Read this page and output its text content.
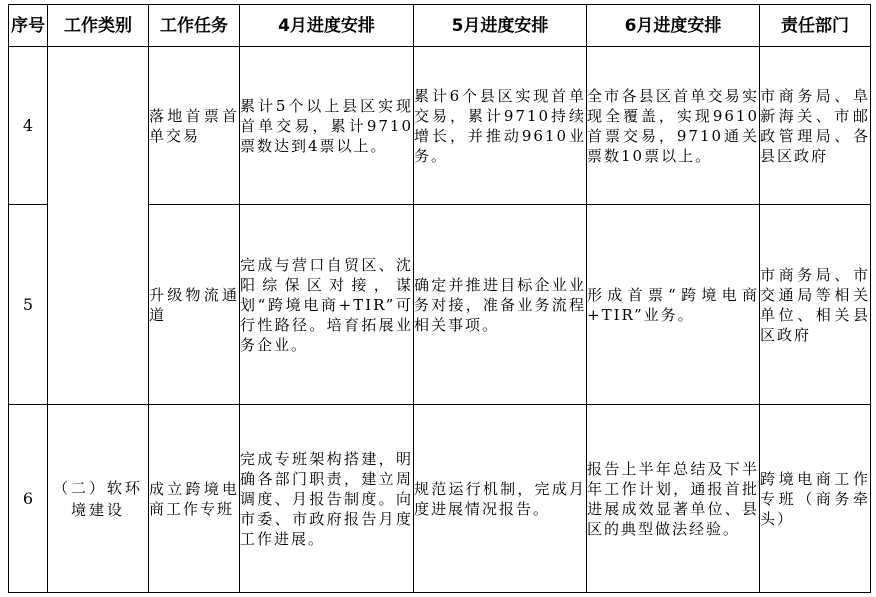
序号	工作类别	工作任务	4月进度安排	5月进度安排	6月进度安排	责任部门
4		落地首票首单交易	累计5个以上县区实现首单交易，累计9710票数达到4票以上。	累计6个县区实现首单交易，累计9710持续增长，并推动9610业务。	全市各县区首单交易实现全覆盖，实现9610首票交易，9710通关票数10票以上。	市商务局、阜新海关、市邮政管理局、各县区政府
5		升级物流通道	完成与营口自贸区、沈阳综保区对接，谋划“跨境电商+TIR”可行性路径。培育拓展业务企业。	确定并推进目标企业业务对接，准备业务流程相关事项。	形成首票“跨境电商+TIR”业务。	市商务局、市交通局等相关单位、相关县区政府
6	（二）软环境建设	成立跨境电商工作专班	完成专班架构搭建，明确各部门职责，建立周调度、月报告制度。向市委、市政府报告月度工作进展。	规范运行机制，完成月度进展情况报告。	报告上半年总结及下半年工作计划，通报首批进展成效显著单位、县区的典型做法经验。	跨境电商工作专班（商务牵头）
